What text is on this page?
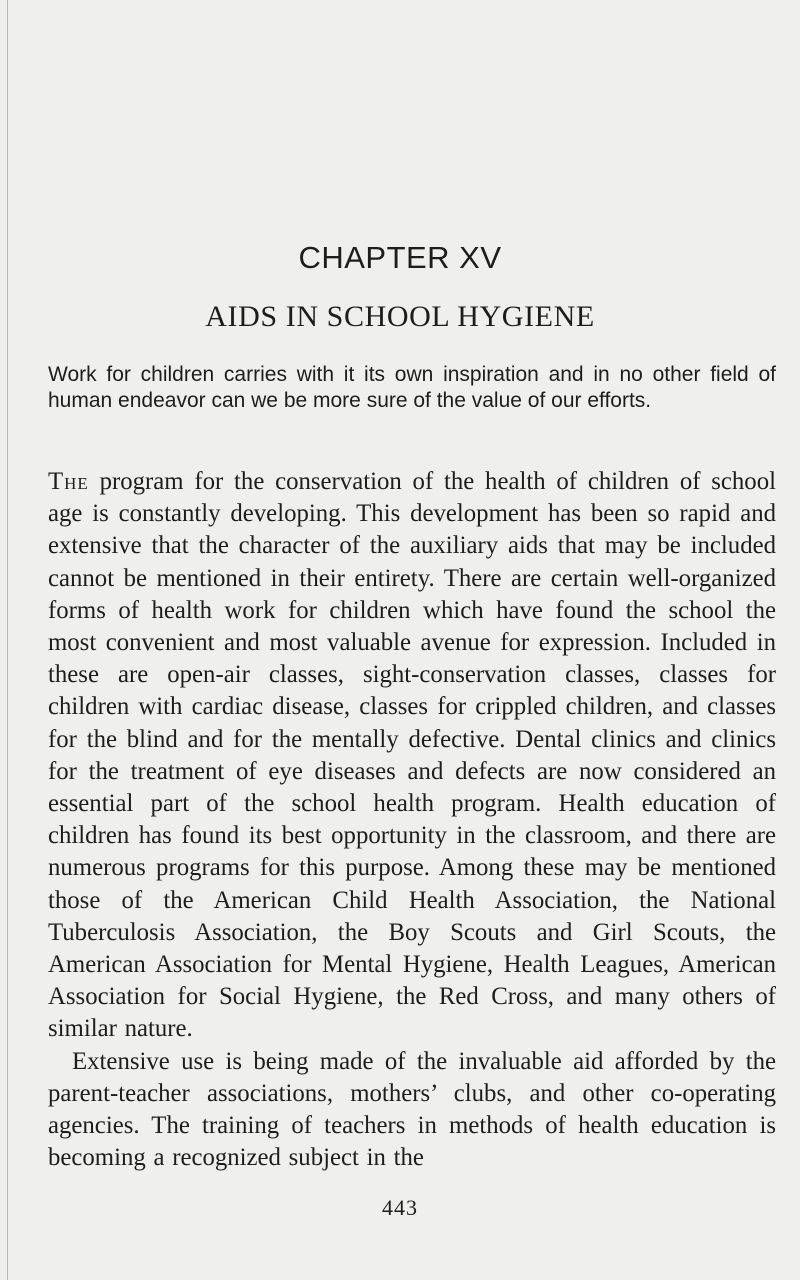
CHAPTER XV
AIDS IN SCHOOL HYGIENE

Work for children carries with it its own inspiration and in no other field of human endeavor can we be more sure of the value of our efforts.

The program for the conservation of the health of children of school age is constantly developing. This development has been so rapid and extensive that the character of the auxiliary aids that may be included cannot be mentioned in their entirety. There are certain well-organized forms of health work for children which have found the school the most convenient and most valuable avenue for expression. Included in these are open-air classes, sight-conservation classes, classes for children with cardiac disease, classes for crippled children, and classes for the blind and for the mentally defective. Dental clinics and clinics for the treatment of eye diseases and defects are now considered an essential part of the school health program. Health education of children has found its best opportunity in the classroom, and there are numerous programs for this purpose. Among these may be mentioned those of the American Child Health Association, the National Tuberculosis Association, the Boy Scouts and Girl Scouts, the American Association for Mental Hygiene, Health Leagues, American Association for Social Hygiene, the Red Cross, and many others of similar nature.

Extensive use is being made of the invaluable aid afforded by the parent-teacher associations, mothers’ clubs, and other co-operating agencies. The training of teachers in methods of health education is becoming a recognized subject in the

443
